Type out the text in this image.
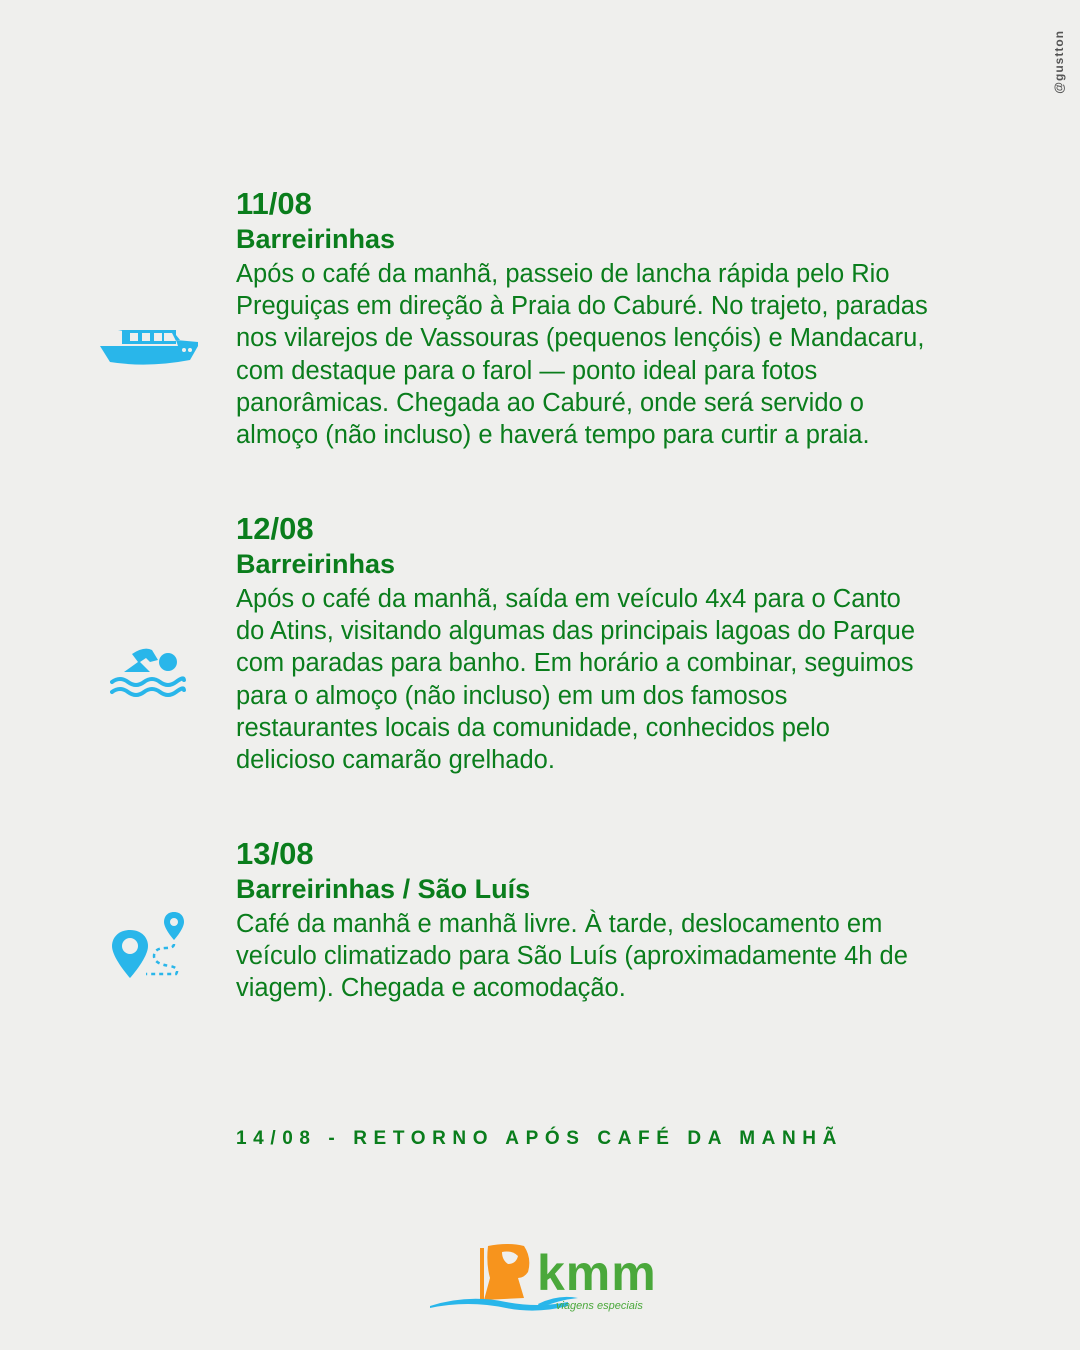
@gustton
11/08
Barreirinhas
Após o café da manhã, passeio de lancha rápida pelo Rio Preguiças em direção à Praia do Caburé. No trajeto, paradas nos vilarejos de Vassouras (pequenos lençóis) e Mandacaru, com destaque para o farol — ponto ideal para fotos panorâmicas. Chegada ao Caburé, onde será servido o almoço (não incluso) e haverá tempo para curtir a praia.
12/08
Barreirinhas
Após o café da manhã, saída em veículo 4x4 para o Canto do Atins, visitando algumas das principais lagoas do Parque com paradas para banho. Em horário a combinar, seguimos para o almoço (não incluso) em um dos famosos restaurantes locais da comunidade, conhecidos pelo delicioso camarão grelhado.
13/08
Barreirinhas / São Luís
Café da manhã e manhã livre. À tarde, deslocamento em veículo climatizado para São Luís (aproximadamente 4h de viagem). Chegada e acomodação.
14/08 - RETORNO APÓS CAFÉ DA MANHÃ
kmm
viagens especiais
